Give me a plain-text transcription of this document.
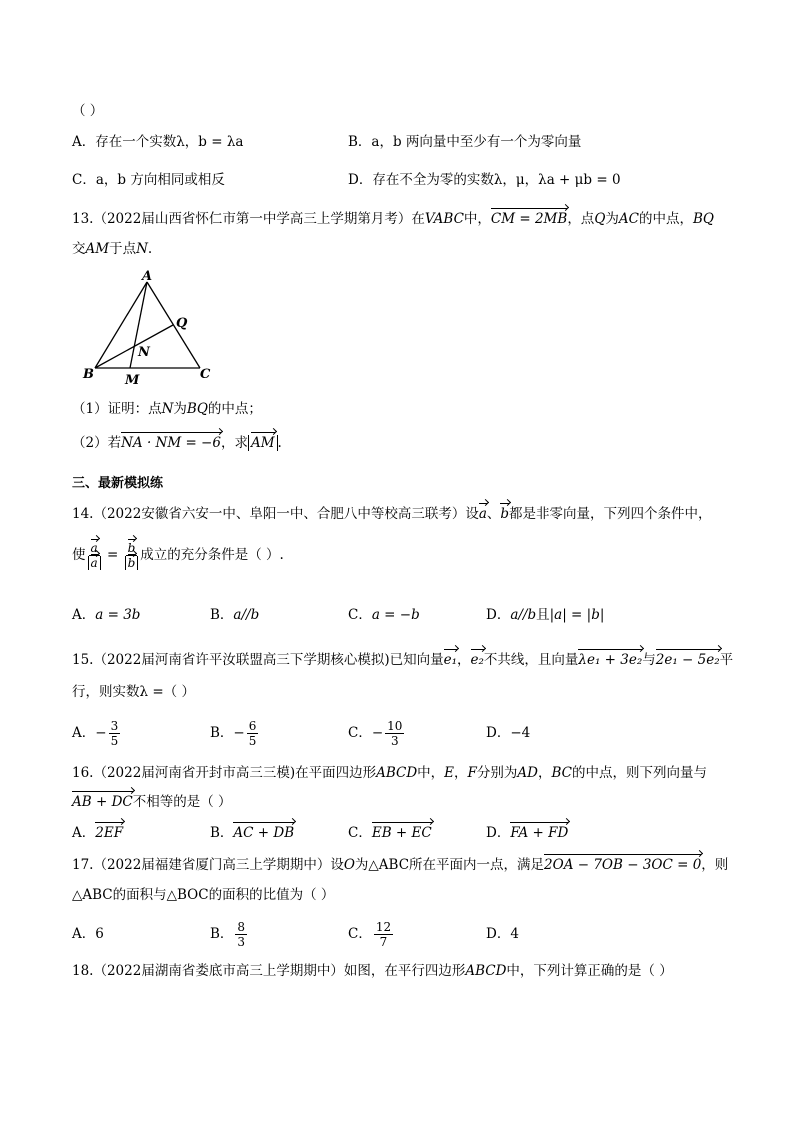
（ ）
A．存在一个实数λ，b = λa	B．a，b 两向量中至少有一个为零向量
C．a，b 方向相同或相反	D．存在不全为零的实数λ，μ，λa + μb = 0
13.（2022届山西省怀仁市第一中学高三上学期第月考）在VABC中，CM = 2MB，点Q为AC的中点，BQ
交AM于点N.
A
B	C
M
N
Q
（1）证明：点N为BQ的中点；
（2）若NA · NM = −6，求 AM .
三、最新模拟练
14.（2022安徽省六安一中、阜阳一中、合肥八中等校高三联考）设a、b都是非零向量，下列四个条件中，
使 $\frac{a}{a} = \frac{b}{b}$ 成立的充分条件是（ ）.
A．a = 3b	B．a//b	C．a = −b	D．a//b且|a| = |b|
15.（2022届河南省许平汝联盟高三下学期核心模拟)已知向量e₁，e₂不共线，且向量λe₁ + 3e₂与2e₁ − 5e₂平
行，则实数λ =（ ）
A．− $\frac{3}{5}$	B．− $\frac{6}{5}$	C．− $\frac{10}{3}$	D．−4
16.（2022届河南省开封市高三三模)在平面四边形ABCD中，E，F分别为AD，BC的中点，则下列向量与
AB + DC不相等的是（ ）
A．2EF	B．AC + DB	C．EB + EC	D．FA + FD
17.（2022届福建省厦门高三上学期期中）设O为△ABC所在平面内一点，满足2OA − 7OB − 3OC = 0，则
△ABC的面积与△BOC的面积的比值为（ ）
A．6	B． $\frac{8}{3}$	C． $\frac{12}{7}$	D．4
18.（2022届湖南省娄底市高三上学期期中）如图，在平行四边形ABCD中，下列计算正确的是（ ）
